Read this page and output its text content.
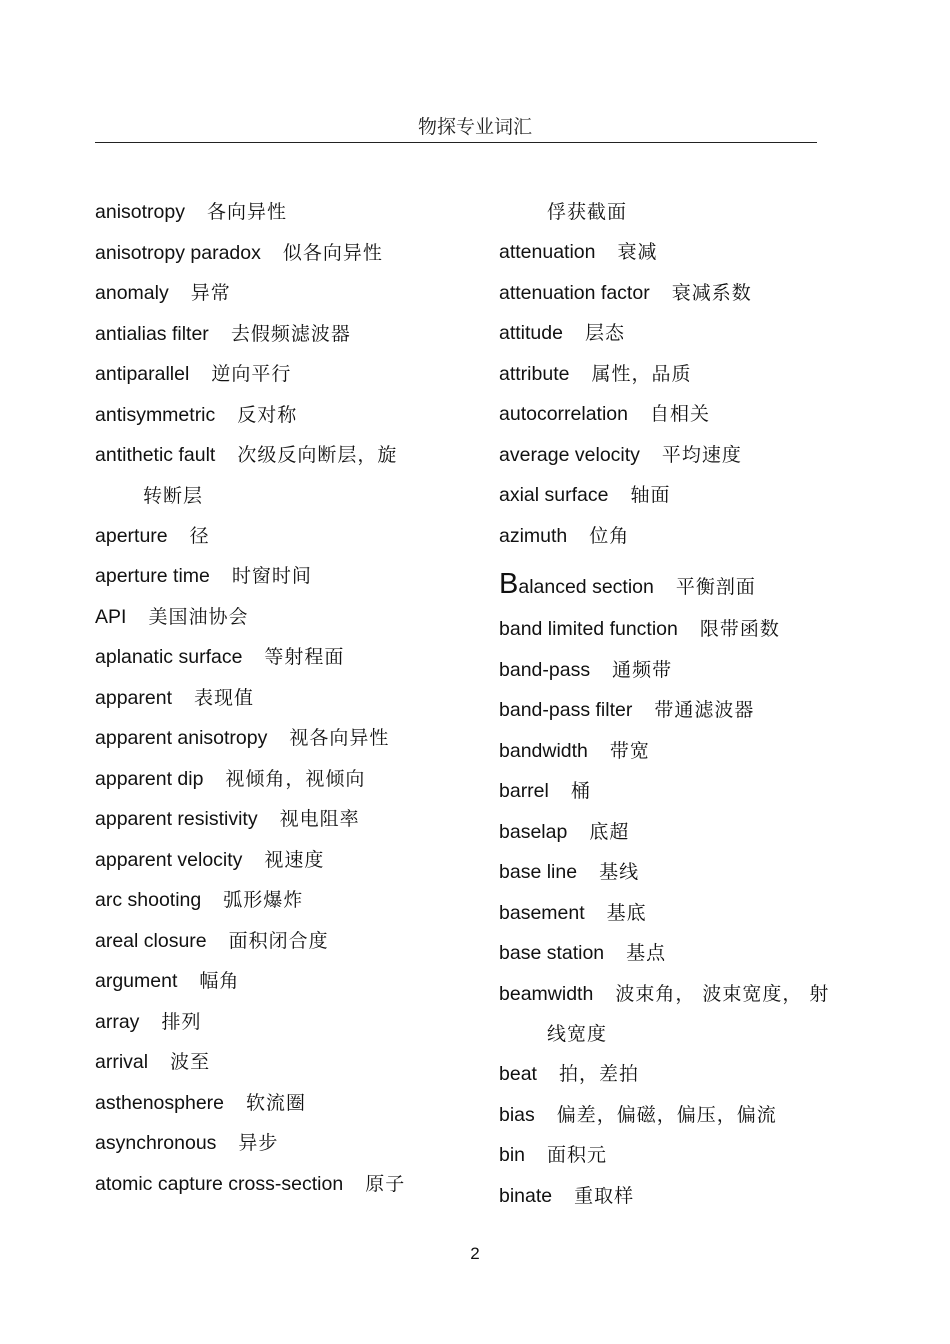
物探专业词汇
anisotropy 各向异性
anisotropy paradox 似各向异性
anomaly 异常
antialias filter 去假频滤波器
antiparallel 逆向平行
antisymmetric 反对称
antithetic fault 次级反向断层，旋
转断层
aperture 径
aperture time 时窗时间
API 美国油协会
aplanatic surface 等射程面
apparent 表现值
apparent anisotropy 视各向异性
apparent dip 视倾角，视倾向
apparent resistivity 视电阻率
apparent velocity 视速度
arc shooting 弧形爆炸
areal closure 面积闭合度
argument 幅角
array 排列
arrival 波至
asthenosphere 软流圈
asynchronous 异步
atomic capture cross-section 原子
俘获截面
attenuation 衰减
attenuation factor 衰减系数
attitude 层态
attribute 属性，品质
autocorrelation 自相关
average velocity 平均速度
axial surface 轴面
azimuth 位角
Balanced section 平衡剖面
band limited function 限带函数
band-pass 通频带
band-pass filter 带通滤波器
bandwidth 带宽
barrel 桶
baselap 底超
base line 基线
basement 基底
base station 基点
beamwidth 波束角， 波束宽度， 射
线宽度
beat 拍，差拍
bias 偏差，偏磁，偏压，偏流
bin 面积元
binate 重取样
2
